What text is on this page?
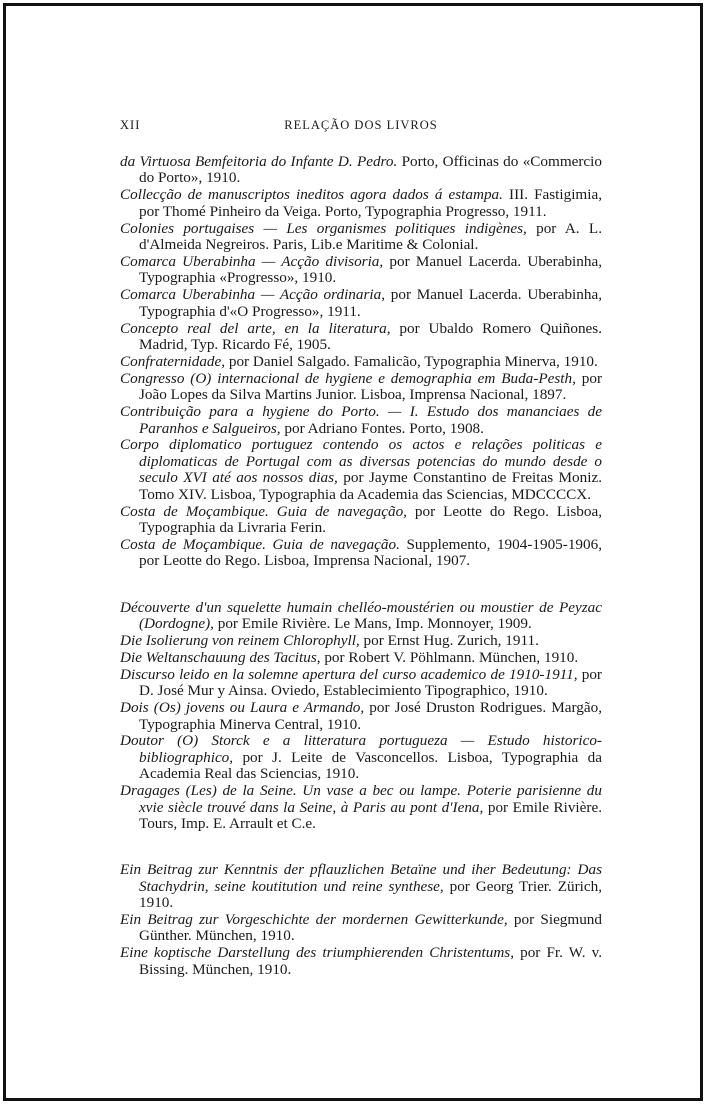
XII	RELAÇÃO DOS LIVROS

da Virtuosa Bemfeitoria do Infante D. Pedro. Porto, Officinas do «Commercio do Porto», 1910.

Collecção de manuscriptos ineditos agora dados á estampa. III. Fastigimia, por Thomé Pinheiro da Veiga. Porto, Typographia Progresso, 1911.

Colonies portugaises — Les organismes politiques indigènes, por A. L. d'Almeida Negreiros. Paris, Lib.e Maritime & Colonial.

Comarca Uberabinha — Acção divisoria, por Manuel Lacerda. Uberabinha, Typographia «Progresso», 1910.

Comarca Uberabinha — Acção ordinaria, por Manuel Lacerda. Uberabinha, Typographia d'«O Progresso», 1911.

Concepto real del arte, en la literatura, por Ubaldo Romero Quiñones. Madrid, Typ. Ricardo Fé, 1905.

Confraternidade, por Daniel Salgado. Famalicão, Typographia Minerva, 1910.

Congresso (O) internacional de hygiene e demographia em Buda-Pesth, por João Lopes da Silva Martins Junior. Lisboa, Imprensa Nacional, 1897.

Contribuição para a hygiene do Porto. — I. Estudo dos mananciaes de Paranhos e Salgueiros, por Adriano Fontes. Porto, 1908.

Corpo diplomatico portuguez contendo os actos e relações politicas e diplomaticas de Portugal com as diversas potencias do mundo desde o seculo XVI até aos nossos dias, por Jayme Constantino de Freitas Moniz. Tomo XIV. Lisboa, Typographia da Academia das Sciencias, MDCCCCX.

Costa de Moçambique. Guia de navegação, por Leotte do Rego. Lisboa, Typographia da Livraria Ferin.

Costa de Moçambique. Guia de navegação. Supplemento, 1904-1905-1906, por Leotte do Rego. Lisboa, Imprensa Nacional, 1907.

Découverte d'un squelette humain chelléo-moustérien ou moustier de Peyzac (Dordogne), por Emile Rivière. Le Mans, Imp. Monnoyer, 1909.

Die Isolierung von reinem Chlorophyll, por Ernst Hug. Zurich, 1911.

Die Weltanschauung des Tacitus, por Robert V. Pöhlmann. München, 1910.

Discurso leido en la solemne apertura del curso academico de 1910-1911, por D. José Mur y Ainsa. Oviedo, Establecimiento Tipographico, 1910.

Dois (Os) jovens ou Laura e Armando, por José Druston Rodrigues. Margão, Typographia Minerva Central, 1910.

Doutor (O) Storck e a litteratura portugueza — Estudo historico-bibliographico, por J. Leite de Vasconcellos. Lisboa, Typographia da Academia Real das Sciencias, 1910.

Dragages (Les) de la Seine. Un vase a bec ou lampe. Poterie parisienne du xvie siècle trouvé dans la Seine, à Paris au pont d'Iena, por Emile Rivière. Tours, Imp. E. Arrault et C.e.

Ein Beitrag zur Kenntnis der pflauzlichen Betaïne und iher Bedeutung: Das Stachydrin, seine koutitution und reine synthese, por Georg Trier. Zürich, 1910.

Ein Beitrag zur Vorgeschichte der mordernen Gewitterkunde, por Siegmund Günther. München, 1910.

Eine koptische Darstellung des triumphierenden Christentums, por Fr. W. v. Bissing. München, 1910.
